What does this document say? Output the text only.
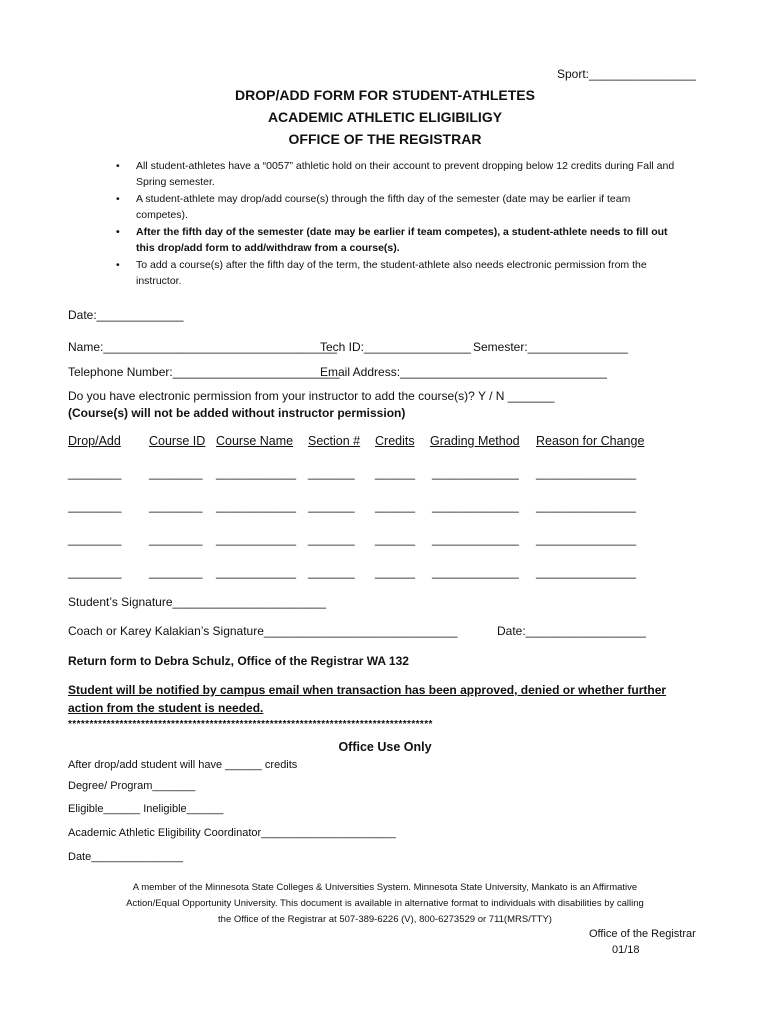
Sport:________________
DROP/ADD FORM FOR STUDENT-ATHLETES
ACADEMIC ATHLETIC ELIGIBILIGY
OFFICE OF THE REGISTRAR
• All student-athletes have a “0057” athletic hold on their account to prevent dropping below 12 credits during Fall and Spring semester.
• A student-athlete may drop/add course(s) through the fifth day of the semester (date may be earlier if team competes).
• After the fifth day of the semester (date may be earlier if team competes), a student-athlete needs to fill out this drop/add form to add/withdraw from a course(s).
• To add a course(s) after the fifth day of the term, the student-athlete also needs electronic permission from the instructor.
Date:_____________
Name:___________________________________
Tech ID:________________ Semester:_______________
Telephone Number:_________________________
Email Address:_______________________________
Do you have electronic permission from your instructor to add the course(s)? Y / N _______
(Course(s) will not be added without instructor permission)
Drop/Add Course ID Course Name Section # Credits Grading Method Reason for Change
________ ________ ____________ _______ ______ _____________ _______________
________ ________ ____________ _______ ______ _____________ _______________
________ ________ ____________ _______ ______ _____________ _______________
________ ________ ____________ _______ ______ _____________ _______________
Student’s Signature_______________________
Coach or Karey Kalakian’s Signature_____________________________	Date:__________________
Return form to Debra Schulz, Office of the Registrar WA 132
Student will be notified by campus email when transaction has been approved, denied or whether further
action from the student is needed.
*************************************************************************************
Office Use Only
After drop/add student will have ______ credits
Degree/ Program_______
Eligible______ Ineligible______
Academic Athletic Eligibility Coordinator______________________
Date_______________
A member of the Minnesota State Colleges & Universities System. Minnesota State University, Mankato is an Affirmative
Action/Equal Opportunity University. This document is available in alternative format to individuals with disabilities by calling
the Office of the Registrar at 507-389-6226 (V), 800-6273529 or 711(MRS/TTY)
Office of the Registrar
01/18
